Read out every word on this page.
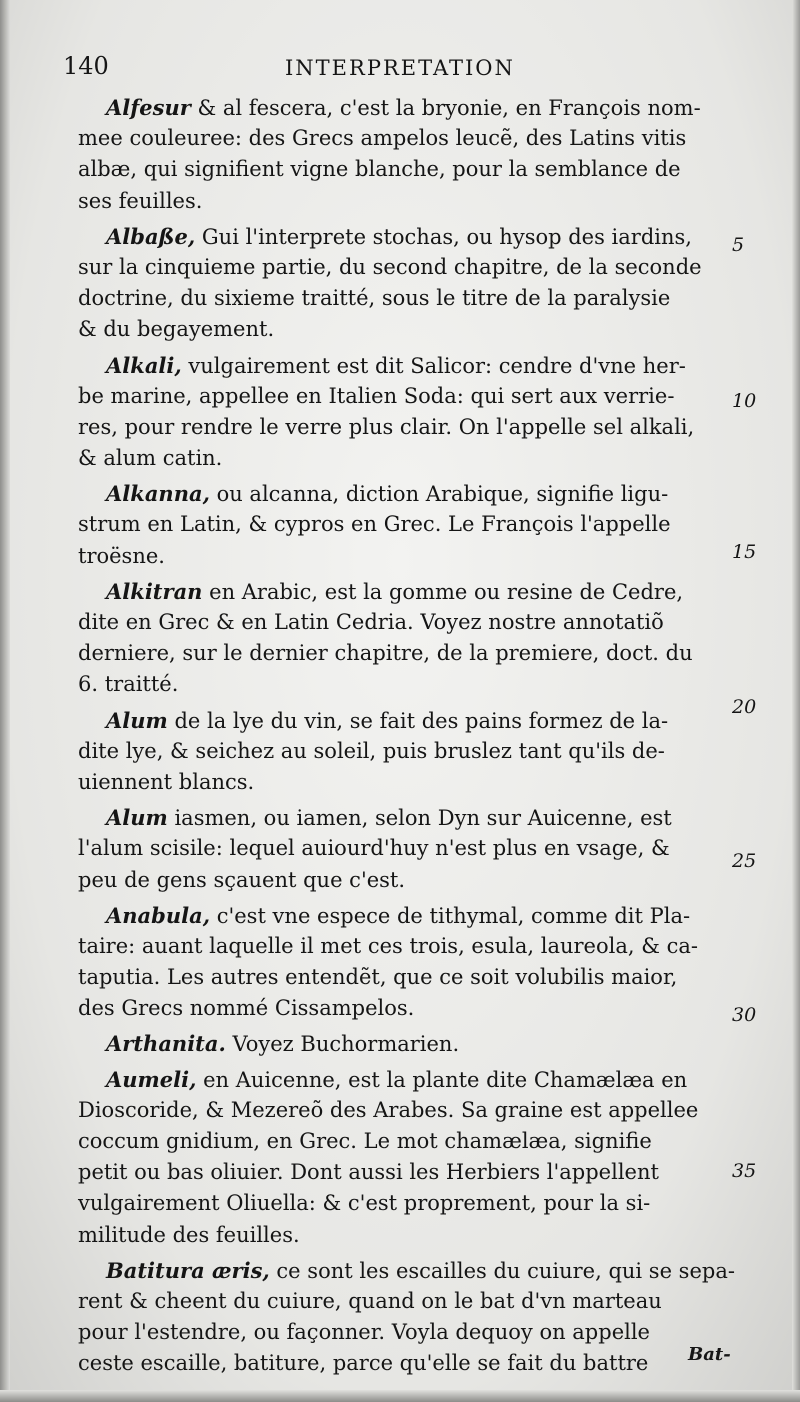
140	INTERPRETATION
Alfesur & al fescera, c'est la bryonie, en François nom-
mee couleuree: des Grecs ampelos leucẽ, des Latins vitis
albæ, qui signifient vigne blanche, pour la semblance de
ses feuilles.
Albaße, Gui l'interprete stochas, ou hysop des iardins,
sur la cinquieme partie, du second chapitre, de la seconde
doctrine, du sixieme traitté, sous le titre de la paralysie
& du begayement.
Alkali, vulgairement est dit Salicor: cendre d'vne her-
be marine, appellee en Italien Soda: qui sert aux verrie-
res, pour rendre le verre plus clair. On l'appelle sel alkali,
& alum catin.
Alkanna, ou alcanna, diction Arabique, signifie ligu-
strum en Latin, & cypros en Grec. Le François l'appelle
troësne.
Alkitran en Arabic, est la gomme ou resine de Cedre,
dite en Grec & en Latin Cedria. Voyez nostre annotatiõ
derniere, sur le dernier chapitre, de la premiere, doct. du
6. traitté.
Alum de la lye du vin, se fait des pains formez de la-
dite lye, & seichez au soleil, puis bruslez tant qu'ils de-
uiennent blancs.
Alum iasmen, ou iamen, selon Dyn sur Auicenne, est
l'alum scisile: lequel auiourd'huy n'est plus en vsage, &
peu de gens sçauent que c'est.
Anabula, c'est vne espece de tithymal, comme dit Pla-
taire: auant laquelle il met ces trois, esula, laureola, & ca-
taputia. Les autres entendẽt, que ce soit volubilis maior,
des Grecs nommé Cissampelos.
Arthanita. Voyez Buchormarien.
Aumeli, en Auicenne, est la plante dite Chamælæa en
Dioscoride, & Mezereõ des Arabes. Sa graine est appellee
coccum gnidium, en Grec. Le mot chamælæa, signifie
petit ou bas oliuier. Dont aussi les Herbiers l'appellent
vulgairement Oliuella: & c'est proprement, pour la si-
militude des feuilles.
Batitura æris, ce sont les escailles du cuiure, qui se sepa-
rent & cheent du cuiure, quand on le bat d'vn marteau
pour l'estendre, ou façonner. Voyla dequoy on appelle
ceste escaille, batiture, parce qu'elle se fait du battre
5
10
15
20
25
30
35
Bat-
